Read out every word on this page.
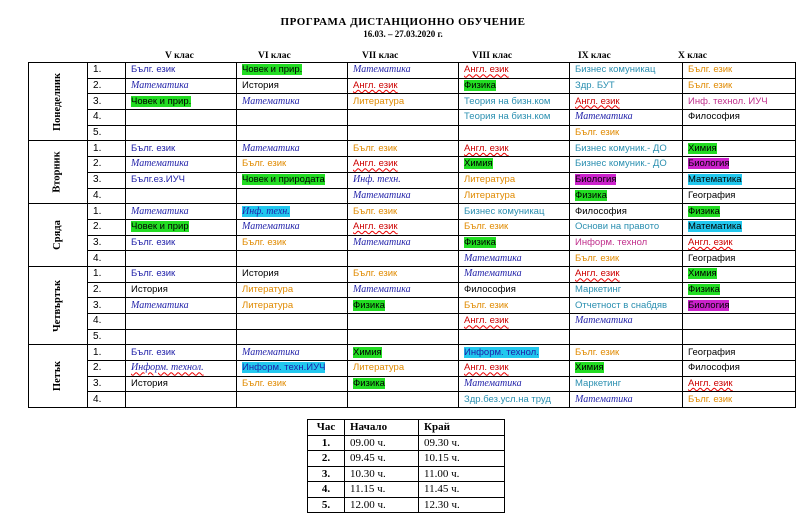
ПРОГРАМА ДИСТАНЦИОННО ОБУЧЕНИЕ
16.03. – 27.03.2020 г.
V клас	VI клас	VII клас	VIII клас	IX клас	X клас
Понеделник	1.	Бълг. език	Човек и прир.	Математика	Англ. език	Бизнес комуникац	Бълг. език
	2.	Математика	История	Англ. език	Физика	Здр. БУТ	Бълг. език
	3.	Човек и прир.	Математика	Литература	Теория на бизн.ком	Англ. език	Инф. технол. ИУЧ
	4.				Теория на бизн.ком	Математика	Философия
	5.					Бълг. език	
Вторник	1.	Бълг. език	Математика	Бълг. език	Англ. език	Бизнес комуник.- ДО	Химия
	2.	Математика	Бълг. език	Англ. език	Химия	Бизнес комуник.- ДО	Биология
	3.	Бълг.ез.ИУЧ	Човек и природата	Инф. техн.	Литература	Биология	Математика
	4.			Математика	Литература	Физика	География
Сряда	1.	Математика	Инф. техн.	Бълг. език	Бизнес комуникац	Философия	Физика
	2.	Човек и прир	Математика	Англ. език	Бълг. език	Основи на правото	Математика
	3.	Бълг. език	Бълг. език	Математика	Физика	Информ. технол	Англ. език
	4.				Математика	Бълг. език	География
Четвъртък	1.	Бълг. език	История	Бълг. език	Математика	Англ. език	Химия
	2.	История	Литература	Математика	Философия	Маркетинг	Физика
	3.	Математика	Литература	Физика	Бълг. език	Отчетност в снабдяв	Биология
	4.				Англ. език	Математика	
	5.						
Петък	1.	Бълг. език	Математика	Химия	Информ. технол.	Бълг. език	География
	2.	Информ. технол.	Информ. техн.ИУЧ	Литература	Англ. език	Химия	Философия
	3.	История	Бълг. език	Физика	Математика	Маркетинг	Англ. език
	4.				Здр.без.усл.на труд	Математика	Бълг. език
Час	Начало	Край
1.	09.00 ч.	09.30 ч.
2.	09.45 ч.	10.15 ч.
3.	10.30 ч.	11.00 ч.
4.	11.15 ч.	11.45 ч.
5.	12.00 ч.	12.30 ч.
